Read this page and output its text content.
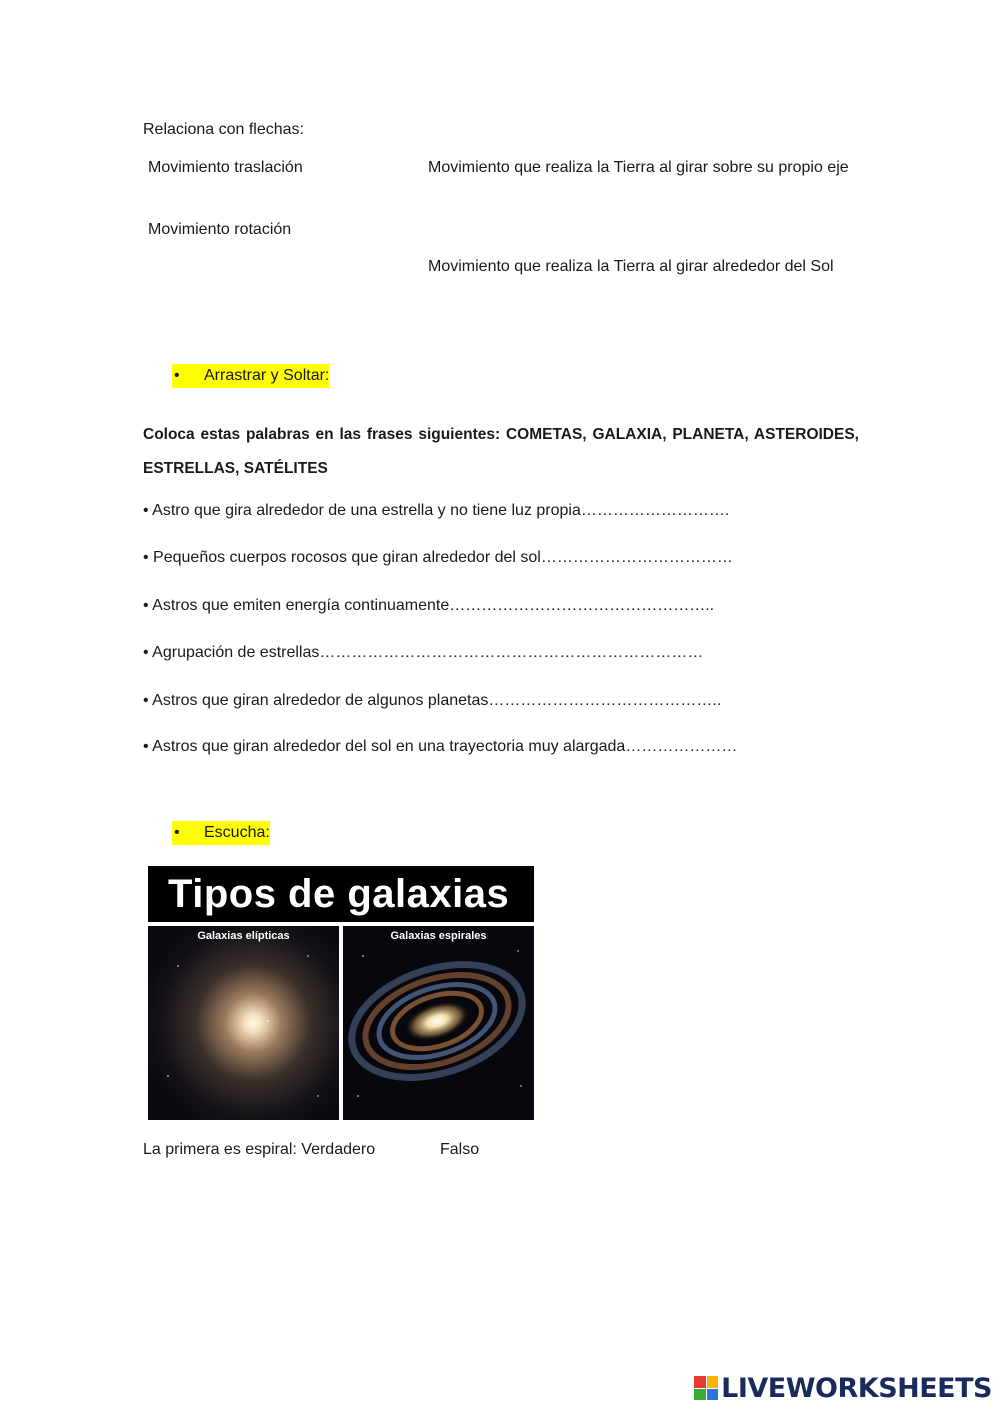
Relaciona con flechas:
Movimiento traslación
Movimiento rotación
Movimiento que realiza la Tierra al girar sobre su propio eje
Movimiento que realiza la Tierra al girar alrededor del Sol
•	Arrastrar y Soltar:
Coloca estas palabras en las frases siguientes: COMETAS, GALAXIA, PLANETA, ASTEROIDES, ESTRELLAS, SATÉLITES
• Astro que gira alrededor de una estrella y no tiene luz propia……………………….
• Pequeños cuerpos rocosos que giran alrededor del sol………………………………
• Astros que emiten energía continuamente…………………………………………..
• Agrupación de estrellas………………………………………………………………
• Astros que giran alrededor de algunos planetas……………………………………..
• Astros que giran alrededor del sol en una trayectoria muy alargada…………………
•	Escucha:
Tipos de galaxias
Galaxias elípticas	Galaxias espirales
La primera es espiral: Verdadero	Falso
LIVEWORKSHEETS
